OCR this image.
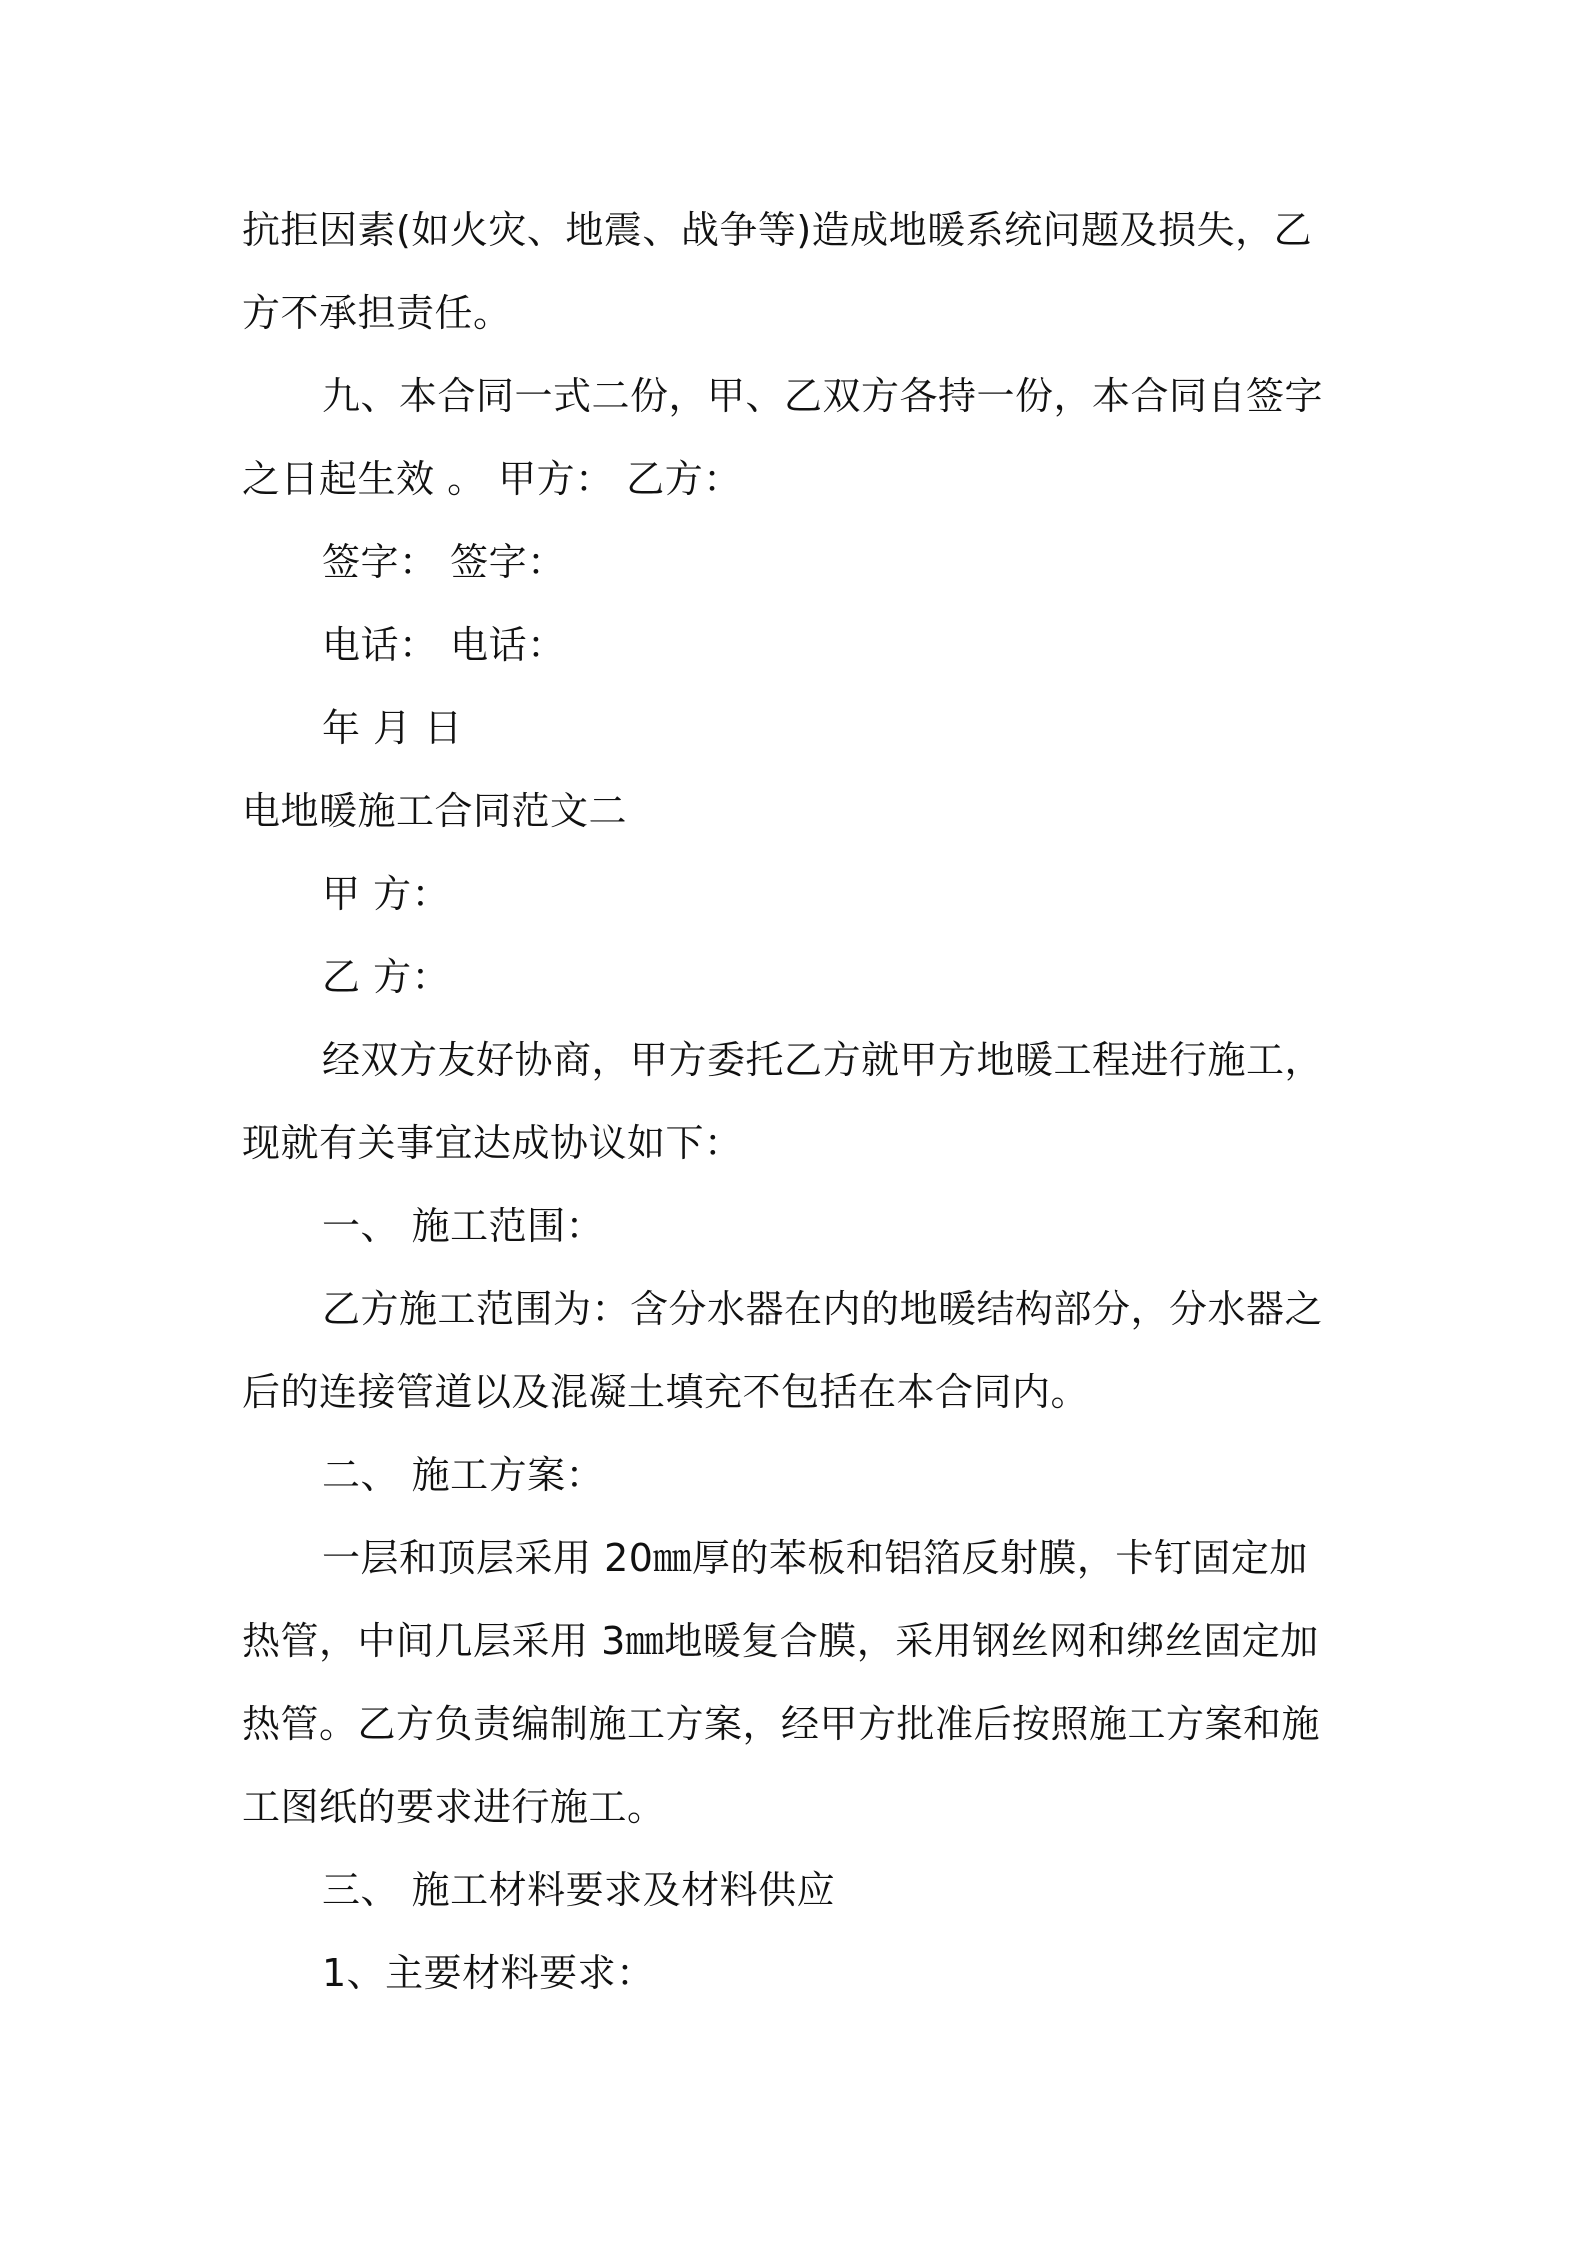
抗拒因素(如火灾、地震、战争等)造成地暖系统问题及损失，乙
方不承担责任。
九、本合同一式二份，甲、乙双方各持一份，本合同自签字
之日起生效 。 甲方： 乙方：
签字： 签字：
电话： 电话：
年 月 日
电地暖施工合同范文二
甲 方：
乙 方：
经双方友好协商，甲方委托乙方就甲方地暖工程进行施工，
现就有关事宜达成协议如下：
一、 施工范围：
乙方施工范围为：含分水器在内的地暖结构部分，分水器之
后的连接管道以及混凝土填充不包括在本合同内。
二、 施工方案：
一层和顶层采用 20㎜厚的苯板和铝箔反射膜，卡钉固定加
热管，中间几层采用 3㎜地暖复合膜，采用钢丝网和绑丝固定加
热管。乙方负责编制施工方案，经甲方批准后按照施工方案和施
工图纸的要求进行施工。
三、 施工材料要求及材料供应
1、主要材料要求：
